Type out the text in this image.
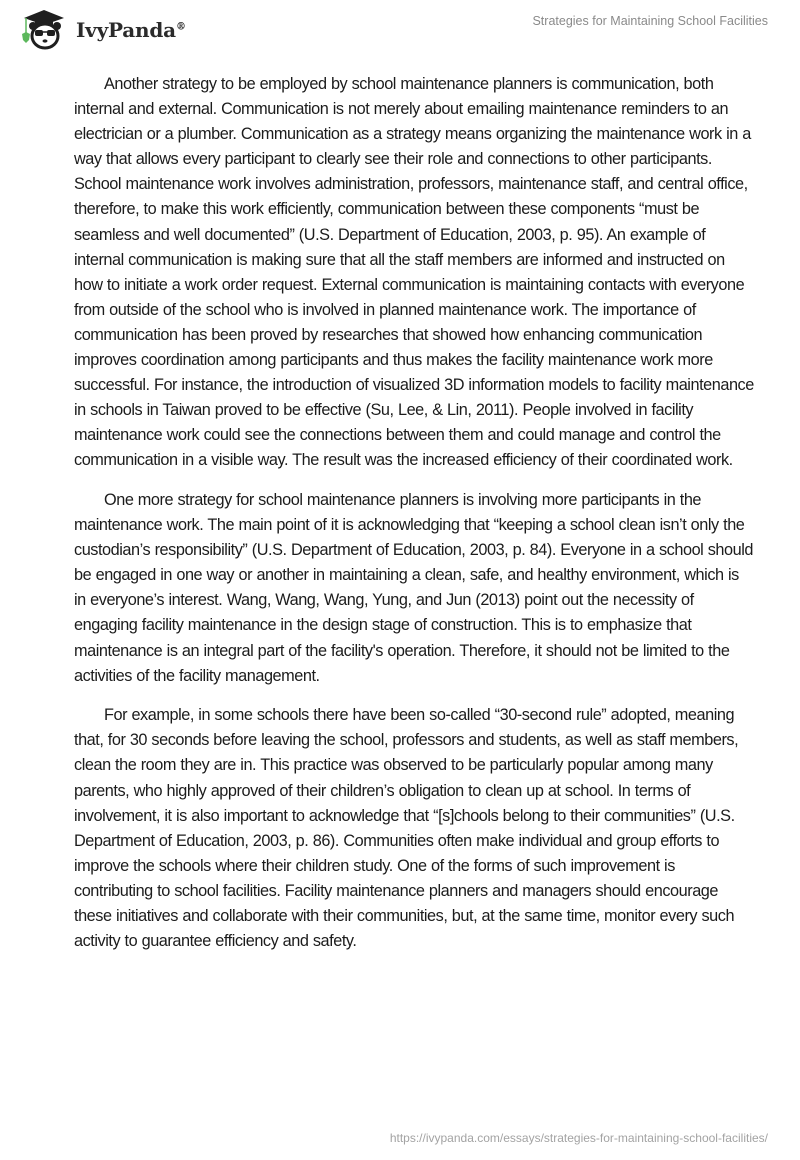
IvyPanda®	Strategies for Maintaining School Facilities

Another strategy to be employed by school maintenance planners is communication, both internal and external. Communication is not merely about emailing maintenance reminders to an electrician or a plumber. Communication as a strategy means organizing the maintenance work in a way that allows every participant to clearly see their role and connections to other participants. School maintenance work involves administration, professors, maintenance staff, and central office, therefore, to make this work efficiently, communication between these components “must be seamless and well documented” (U.S. Department of Education, 2003, p. 95). An example of internal communication is making sure that all the staff members are informed and instructed on how to initiate a work order request. External communication is maintaining contacts with everyone from outside of the school who is involved in planned maintenance work. The importance of communication has been proved by researches that showed how enhancing communication improves coordination among participants and thus makes the facility maintenance work more successful. For instance, the introduction of visualized 3D information models to facility maintenance in schools in Taiwan proved to be effective (Su, Lee, & Lin, 2011). People involved in facility maintenance work could see the connections between them and could manage and control the communication in a visible way. The result was the increased efficiency of their coordinated work.

One more strategy for school maintenance planners is involving more participants in the maintenance work. The main point of it is acknowledging that “keeping a school clean isn’t only the custodian’s responsibility” (U.S. Department of Education, 2003, p. 84). Everyone in a school should be engaged in one way or another in maintaining a clean, safe, and healthy environment, which is in everyone’s interest. Wang, Wang, Wang, Yung, and Jun (2013) point out the necessity of engaging facility maintenance in the design stage of construction. This is to emphasize that maintenance is an integral part of the facility's operation. Therefore, it should not be limited to the activities of the facility management.

For example, in some schools there have been so-called “30-second rule” adopted, meaning that, for 30 seconds before leaving the school, professors and students, as well as staff members, clean the room they are in. This practice was observed to be particularly popular among many parents, who highly approved of their children’s obligation to clean up at school. In terms of involvement, it is also important to acknowledge that “[s]chools belong to their communities” (U.S. Department of Education, 2003, p. 86). Communities often make individual and group efforts to improve the schools where their children study. One of the forms of such improvement is contributing to school facilities. Facility maintenance planners and managers should encourage these initiatives and collaborate with their communities, but, at the same time, monitor every such activity to guarantee efficiency and safety.

https://ivypanda.com/essays/strategies-for-maintaining-school-facilities/
